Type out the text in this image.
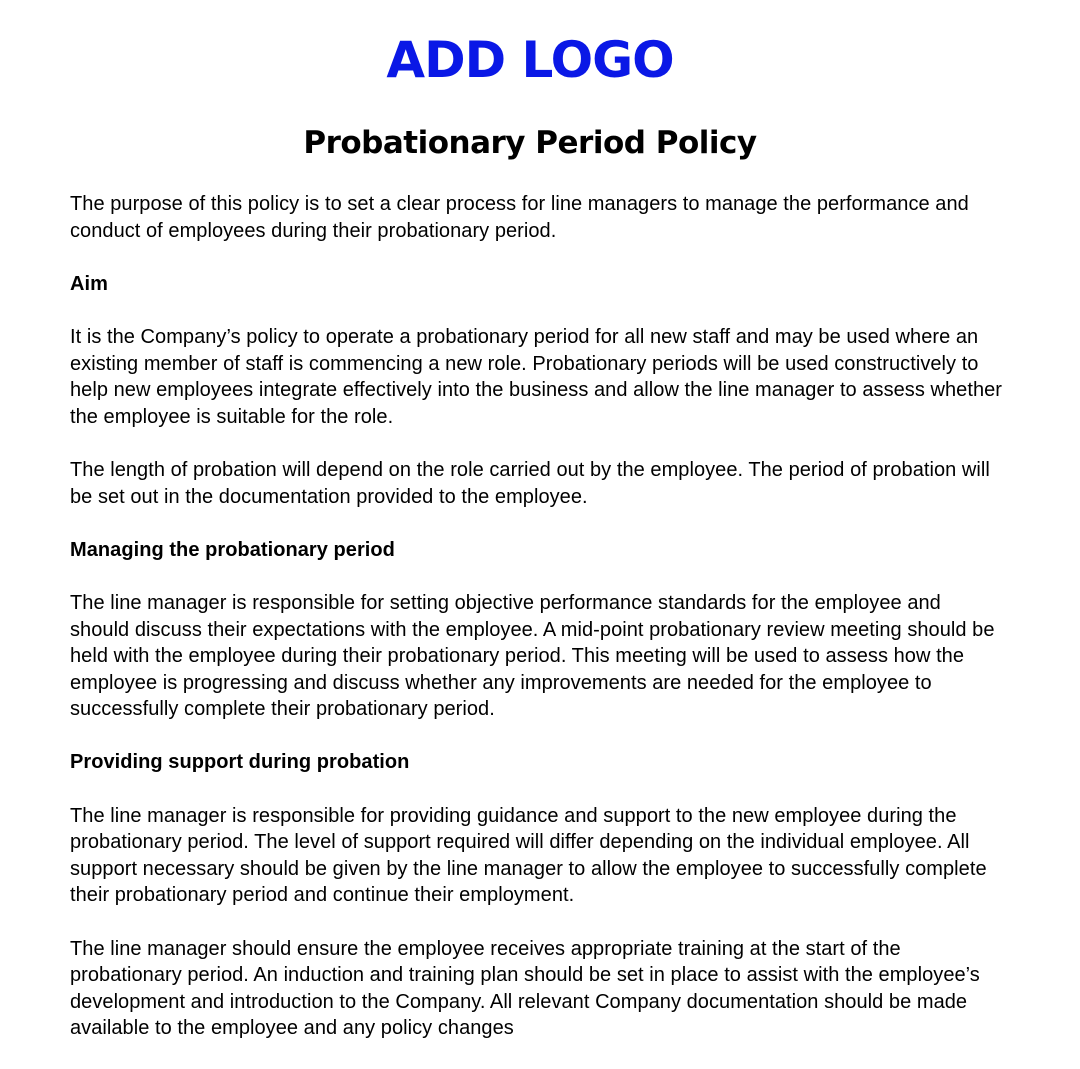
ADD LOGO
Probationary Period Policy

The purpose of this policy is to set a clear process for line managers to manage the performance and conduct of employees during their probationary period.

Aim

It is the Company’s policy to operate a probationary period for all new staff and may be used where an existing member of staff is commencing a new role. Probationary periods will be used constructively to help new employees integrate effectively into the business and allow the line manager to assess whether the employee is suitable for the role.

The length of probation will depend on the role carried out by the employee. The period of probation will be set out in the documentation provided to the employee.

Managing the probationary period

The line manager is responsible for setting objective performance standards for the employee and should discuss their expectations with the employee. A mid-point probationary review meeting should be held with the employee during their probationary period. This meeting will be used to assess how the employee is progressing and discuss whether any improvements are needed for the employee to successfully complete their probationary period.

Providing support during probation

The line manager is responsible for providing guidance and support to the new employee during the probationary period. The level of support required will differ depending on the individual employee. All support necessary should be given by the line manager to allow the employee to successfully complete their probationary period and continue their employment.

The line manager should ensure the employee receives appropriate training at the start of the probationary period. An induction and training plan should be set in place to assist with the employee’s development and introduction to the Company. All relevant Company documentation should be made available to the employee and any policy changes
